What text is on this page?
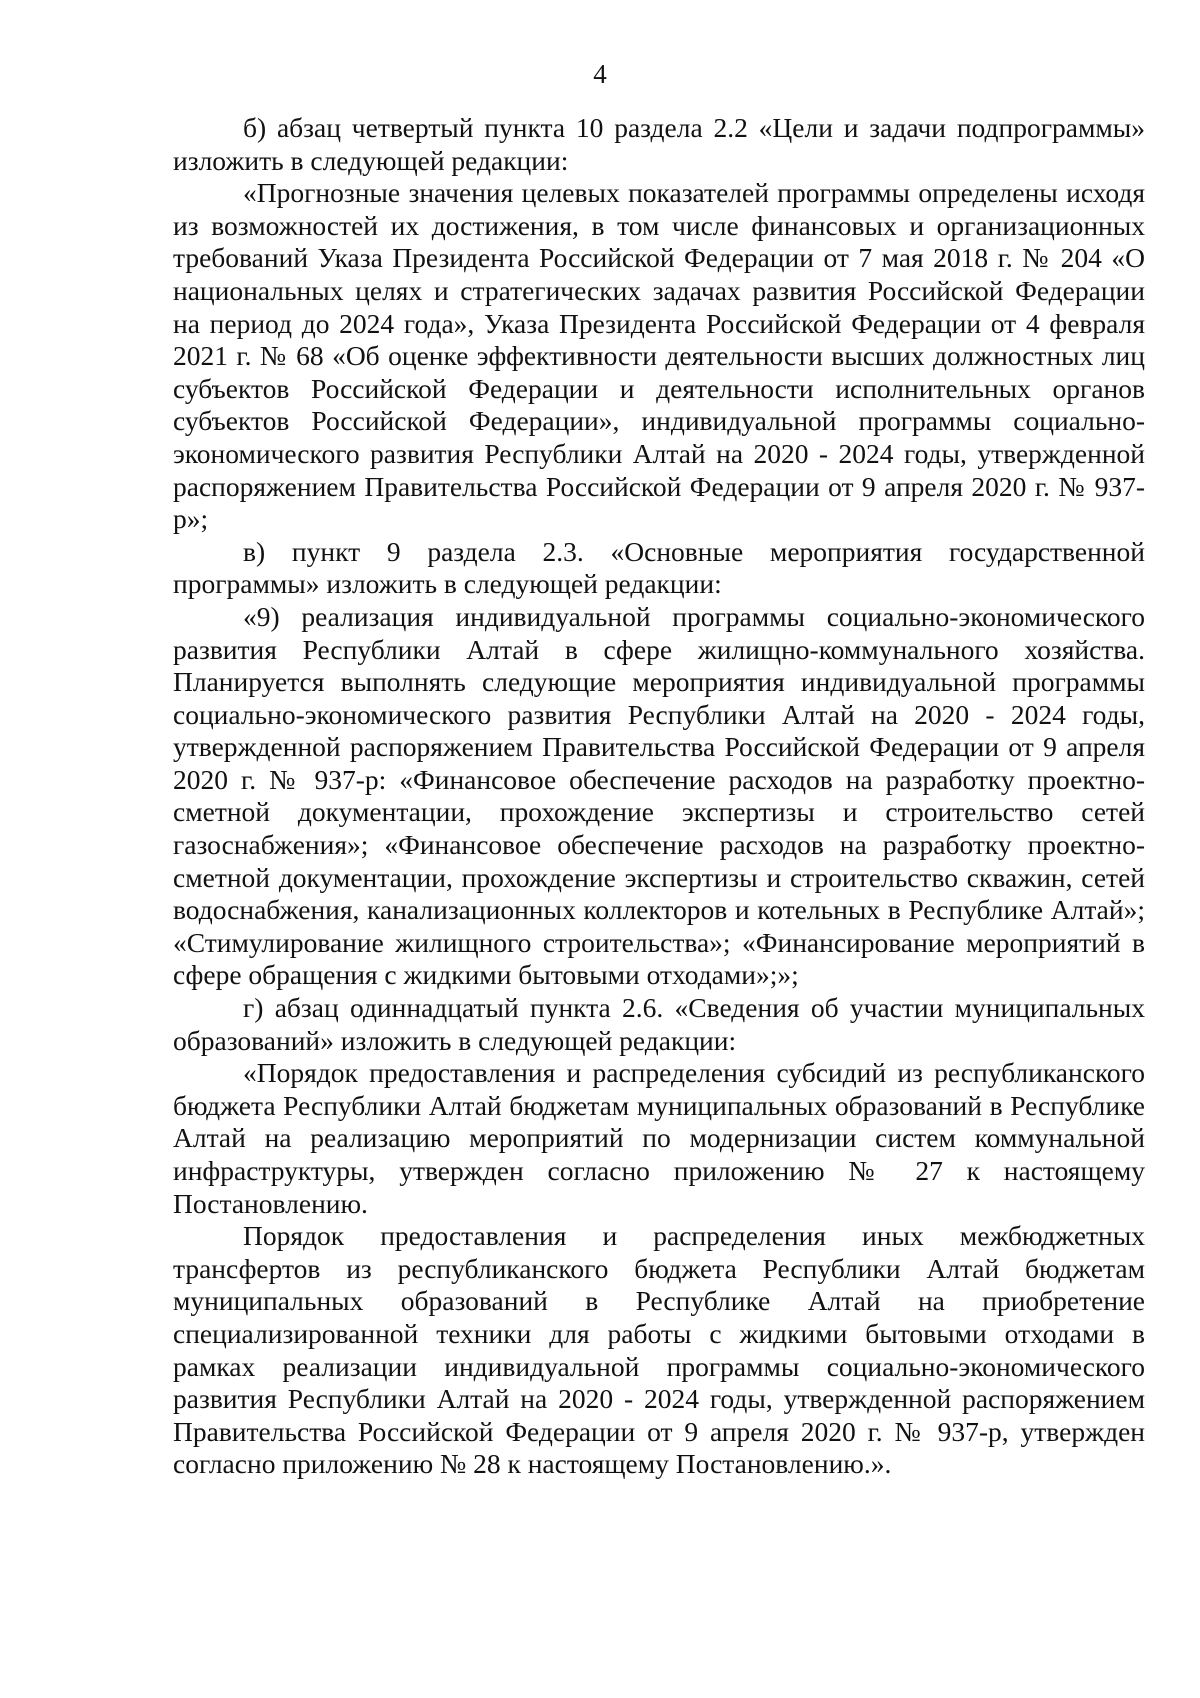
4

б) абзац четвертый пункта 10 раздела 2.2 «Цели и задачи подпрограммы» изложить в следующей редакции:

«Прогнозные значения целевых показателей программы определены исходя из возможностей их достижения, в том числе финансовых и организационных требований Указа Президента Российской Федерации от 7 мая 2018 г. № 204 «О национальных целях и стратегических задачах развития Российской Федерации на период до 2024 года», Указа Президента Российской Федерации от 4 февраля 2021 г. № 68 «Об оценке эффективности деятельности высших должностных лиц субъектов Российской Федерации и деятельности исполнительных органов субъектов Российской Федерации», индивидуальной программы социально-экономического развития Республики Алтай на 2020 - 2024 годы, утвержденной распоряжением Правительства Российской Федерации от 9 апреля 2020 г. № 937-р»;

в) пункт 9 раздела 2.3. «Основные мероприятия государственной программы» изложить в следующей редакции:

«9) реализация индивидуальной программы социально-экономического развития Республики Алтай в сфере жилищно-коммунального хозяйства. Планируется выполнять следующие мероприятия индивидуальной программы социально-экономического развития Республики Алтай на 2020 - 2024 годы, утвержденной распоряжением Правительства Российской Федерации от 9 апреля 2020 г. № 937-р: «Финансовое обеспечение расходов на разработку проектно-сметной документации, прохождение экспертизы и строительство сетей газоснабжения»; «Финансовое обеспечение расходов на разработку проектно-сметной документации, прохождение экспертизы и строительство скважин, сетей водоснабжения, канализационных коллекторов и котельных в Республике Алтай»; «Стимулирование жилищного строительства»; «Финансирование мероприятий в сфере обращения с жидкими бытовыми отходами»;»;

г) абзац одиннадцатый пункта 2.6. «Сведения об участии муниципальных образований» изложить в следующей редакции:

«Порядок предоставления и распределения субсидий из республиканского бюджета Республики Алтай бюджетам муниципальных образований в Республике Алтай на реализацию мероприятий по модернизации систем коммунальной инфраструктуры, утвержден согласно приложению № 27 к настоящему Постановлению.

Порядок предоставления и распределения иных межбюджетных трансфертов из республиканского бюджета Республики Алтай бюджетам муниципальных образований в Республике Алтай на приобретение специализированной техники для работы с жидкими бытовыми отходами в рамках реализации индивидуальной программы социально-экономического развития Республики Алтай на 2020 - 2024 годы, утвержденной распоряжением Правительства Российской Федерации от 9 апреля 2020 г. № 937-р, утвержден согласно приложению № 28 к настоящему Постановлению.».
